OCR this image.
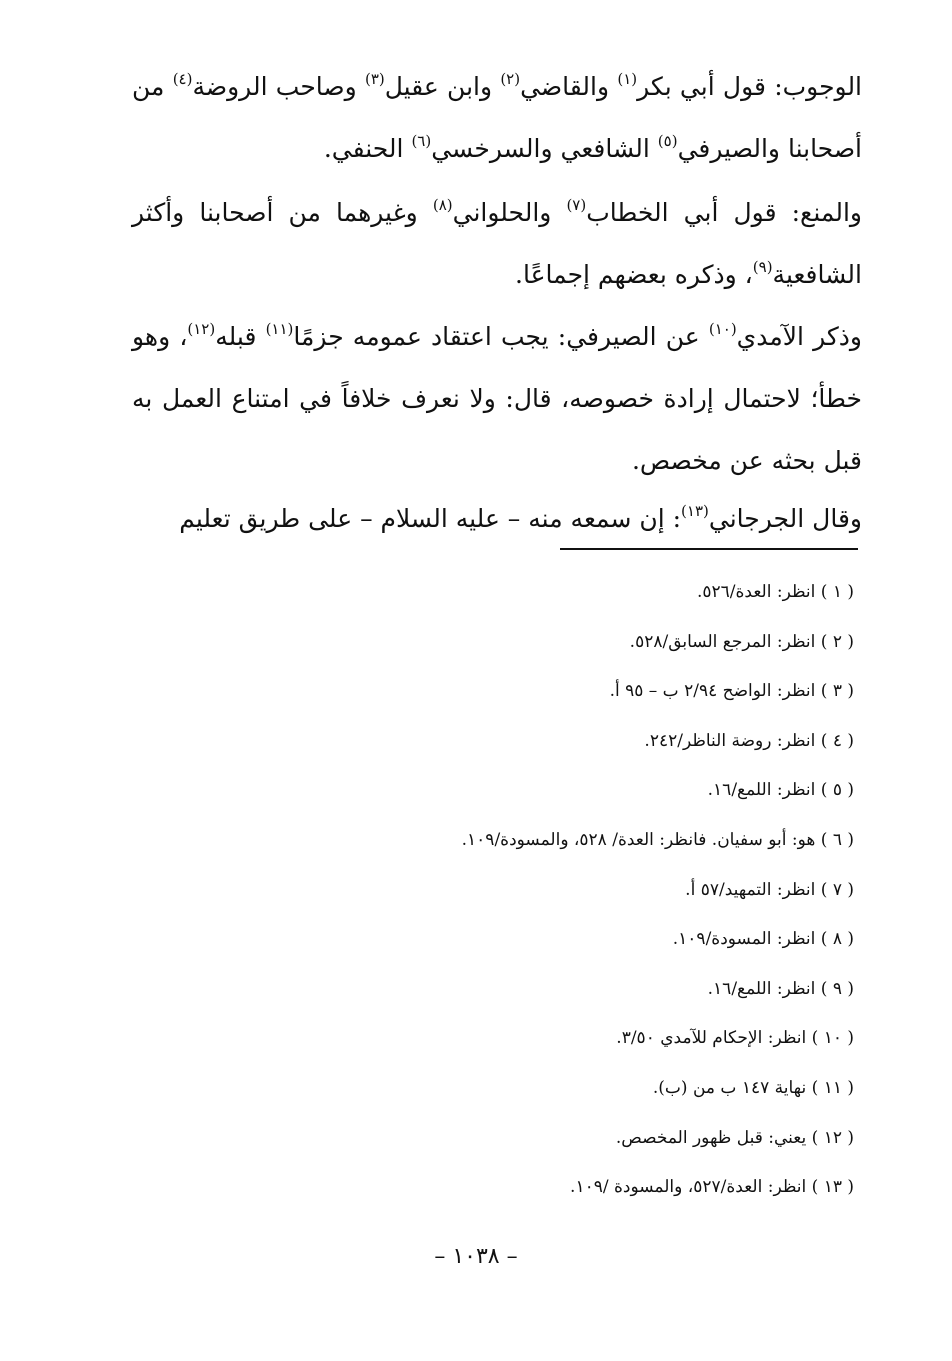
الوجوب: قول أبي بكر$^{(١)}$ والقاضي$^{(٢)}$ وابن عقيل$^{(٣)}$ وصاحب الروضة$^{(٤)}$ من أصحابنا والصيرفي$^{(٥)}$ الشافعي والسرخسي$^{(٦)}$ الحنفي.

والمنع: قول أبي الخطاب$^{(٧)}$ والحلواني$^{(٨)}$ وغيرهما من أصحابنا وأكثر الشافعية$^{(٩)}$، وذكره بعضهم إجماعًا.

وذكر الآمدي$^{(١٠)}$ عن الصيرفي: يجب اعتقاد عمومه جزمًا$^{(١١)}$ قبله$^{(١٢)}$، وهو خطأ؛ لاحتمال إرادة خصوصه، قال: ولا نعرف خلافاً في امتناع العمل به قبل بحثه عن مخصص.

وقال الجرجاني$^{(١٣)}$: إن سمعه منه – عليه السلام – على طريق تعليم

( ١ ) انظر: العدة/٥٢٦.
( ٢ ) انظر: المرجع السابق/٥٢٨.
( ٣ ) انظر: الواضح ٢/٩٤ ب – ٩٥ أ.
( ٤ ) انظر: روضة الناظر/٢٤٢.
( ٥ ) انظر: اللمع/١٦.
( ٦ ) هو: أبو سفيان. فانظر: العدة/ ٥٢٨، والمسودة/١٠٩.
( ٧ ) انظر: التمهيد/٥٧ أ.
( ٨ ) انظر: المسودة/١٠٩.
( ٩ ) انظر: اللمع/١٦.
( ١٠ ) انظر: الإحكام للآمدي ٣/٥٠.
( ١١ ) نهاية ١٤٧ ب من (ب).
( ١٢ ) يعني: قبل ظهور المخصص.
( ١٣ ) انظر: العدة/٥٢٧، والمسودة /١٠٩.
– ١٠٣٨ –
